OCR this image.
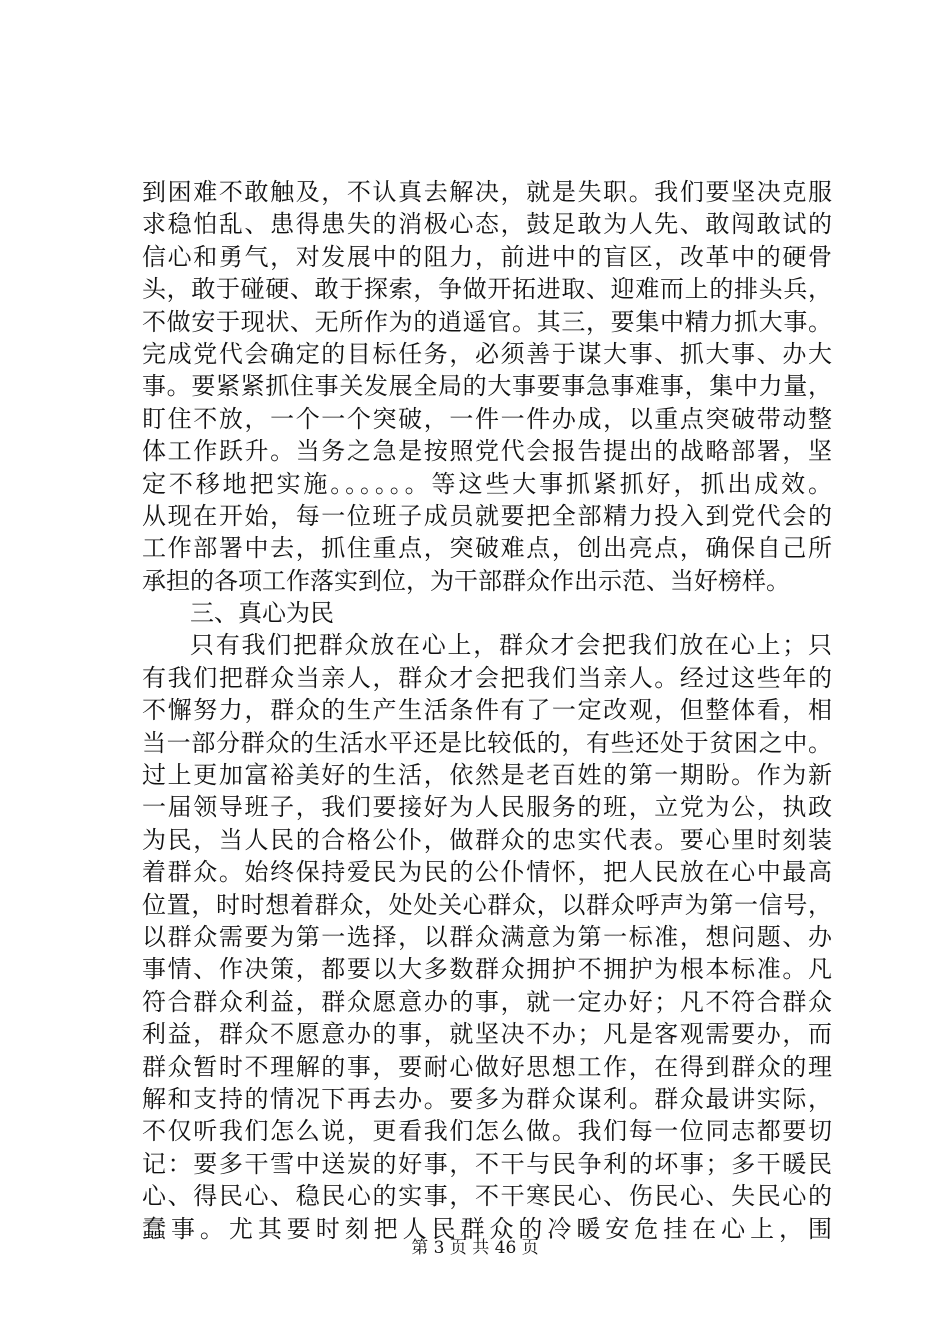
到困难不敢触及，不认真去解决，就是失职。我们要坚决克服
求稳怕乱、患得患失的消极心态，鼓足敢为人先、敢闯敢试的
信心和勇气，对发展中的阻力，前进中的盲区，改革中的硬骨
头，敢于碰硬、敢于探索，争做开拓进取、迎难而上的排头兵，
不做安于现状、无所作为的逍遥官。其三，要集中精力抓大事。
完成党代会确定的目标任务，必须善于谋大事、抓大事、办大
事。要紧紧抓住事关发展全局的大事要事急事难事，集中力量，
盯住不放，一个一个突破，一件一件办成，以重点突破带动整
体工作跃升。当务之急是按照党代会报告提出的战略部署，坚
定不移地把实施。。。。。。等这些大事抓紧抓好，抓出成效。
从现在开始，每一位班子成员就要把全部精力投入到党代会的
工作部署中去，抓住重点，突破难点，创出亮点，确保自己所
承担的各项工作落实到位，为干部群众作出示范、当好榜样。
三、真心为民
只有我们把群众放在心上，群众才会把我们放在心上；只
有我们把群众当亲人，群众才会把我们当亲人。经过这些年的
不懈努力，群众的生产生活条件有了一定改观，但整体看，相
当一部分群众的生活水平还是比较低的，有些还处于贫困之中。
过上更加富裕美好的生活，依然是老百姓的第一期盼。作为新
一届领导班子，我们要接好为人民服务的班，立党为公，执政
为民，当人民的合格公仆，做群众的忠实代表。要心里时刻装
着群众。始终保持爱民为民的公仆情怀，把人民放在心中最高
位置，时时想着群众，处处关心群众，以群众呼声为第一信号，
以群众需要为第一选择，以群众满意为第一标准，想问题、办
事情、作决策，都要以大多数群众拥护不拥护为根本标准。凡
符合群众利益，群众愿意办的事，就一定办好；凡不符合群众
利益，群众不愿意办的事，就坚决不办；凡是客观需要办，而
群众暂时不理解的事，要耐心做好思想工作，在得到群众的理
解和支持的情况下再去办。要多为群众谋利。群众最讲实际，
不仅听我们怎么说，更看我们怎么做。我们每一位同志都要切
记：要多干雪中送炭的好事，不干与民争利的坏事；多干暖民
心、得民心、稳民心的实事，不干寒民心、伤民心、失民心的
蠢事。尤其要时刻把人民群众的冷暖安危挂在心上，围
第 3 页 共 46 页
